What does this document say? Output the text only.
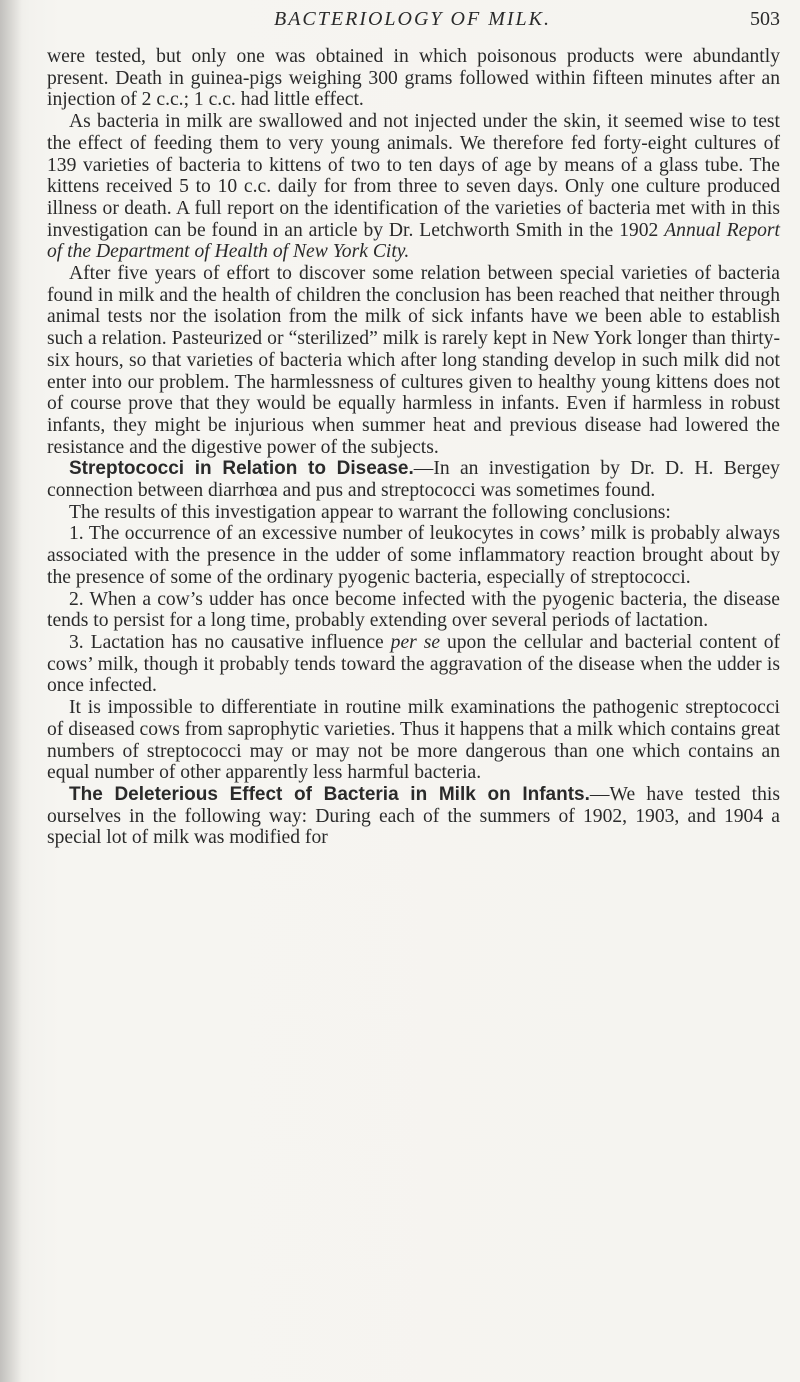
BACTERIOLOGY OF MILK.	503

were tested, but only one was obtained in which poisonous products were abundantly present. Death in guinea-pigs weighing 300 grams followed within fifteen minutes after an injection of 2 c.c.; 1 c.c. had little effect.

As bacteria in milk are swallowed and not injected under the skin, it seemed wise to test the effect of feeding them to very young animals. We therefore fed forty-eight cultures of 139 varieties of bacteria to kittens of two to ten days of age by means of a glass tube. The kittens received 5 to 10 c.c. daily for from three to seven days. Only one culture produced illness or death. A full report on the identification of the varieties of bacteria met with in this investigation can be found in an article by Dr. Letchworth Smith in the 1902 Annual Report of the Department of Health of New York City.

After five years of effort to discover some relation between special varieties of bacteria found in milk and the health of children the conclusion has been reached that neither through animal tests nor the isolation from the milk of sick infants have we been able to establish such a relation. Pasteurized or “sterilized” milk is rarely kept in New York longer than thirty-six hours, so that varieties of bacteria which after long standing develop in such milk did not enter into our problem. The harmlessness of cultures given to healthy young kittens does not of course prove that they would be equally harmless in infants. Even if harmless in robust infants, they might be injurious when summer heat and previous disease had lowered the resistance and the digestive power of the subjects.

Streptococci in Relation to Disease.—In an investigation by Dr. D. H. Bergey connection between diarrhœa and pus and streptococci was sometimes found.

The results of this investigation appear to warrant the following conclusions:

1. The occurrence of an excessive number of leukocytes in cows’ milk is probably always associated with the presence in the udder of some inflammatory reaction brought about by the presence of some of the ordinary pyogenic bacteria, especially of streptococci.

2. When a cow’s udder has once become infected with the pyogenic bacteria, the disease tends to persist for a long time, probably extending over several periods of lactation.

3. Lactation has no causative influence per se upon the cellular and bacterial content of cows’ milk, though it probably tends toward the aggravation of the disease when the udder is once infected.

It is impossible to differentiate in routine milk examinations the pathogenic streptococci of diseased cows from saprophytic varieties. Thus it happens that a milk which contains great numbers of streptococci may or may not be more dangerous than one which contains an equal number of other apparently less harmful bacteria.

The Deleterious Effect of Bacteria in Milk on Infants.—We have tested this ourselves in the following way: During each of the summers of 1902, 1903, and 1904 a special lot of milk was modified for
